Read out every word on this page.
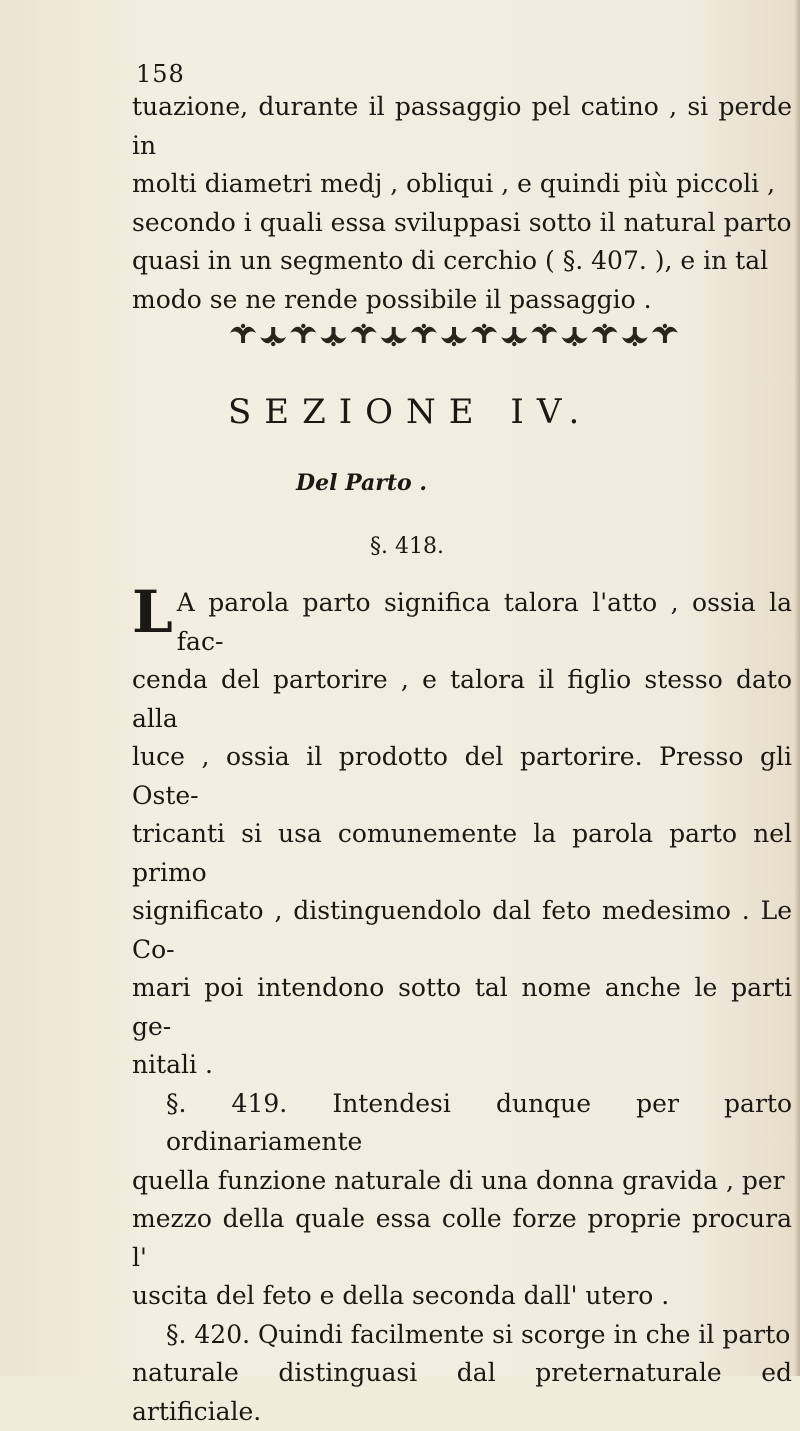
158
tuazione, durante il passaggio pel catino , si perde in
molti diametri medj , obliqui , e quindi più piccoli ,
secondo i quali essa sviluppasi sotto il natural parto
quasi in un segmento di cerchio ( §. 407. ), e in tal
modo se ne rende possibile il passaggio .
SEZIONE IV.
Del Parto .
§. 418.

L A parola parto significa talora l'atto , ossia la fac-
cenda del partorire , e talora il figlio stesso dato alla
luce , ossia il prodotto del partorire. Presso gli Oste-
tricanti si usa comunemente la parola parto nel primo
significato , distinguendolo dal feto medesimo . Le Co-
mari poi intendono sotto tal nome anche le parti ge-
nitali .

§. 419. Intendesi dunque per parto ordinariamente
quella funzione naturale di una donna gravida , per
mezzo della quale essa colle forze proprie procura l'
uscita del feto e della seconda dall' utero .

§. 420. Quindi facilmente si scorge in che il parto
naturale distinguasi dal preternaturale ed artificiale.
